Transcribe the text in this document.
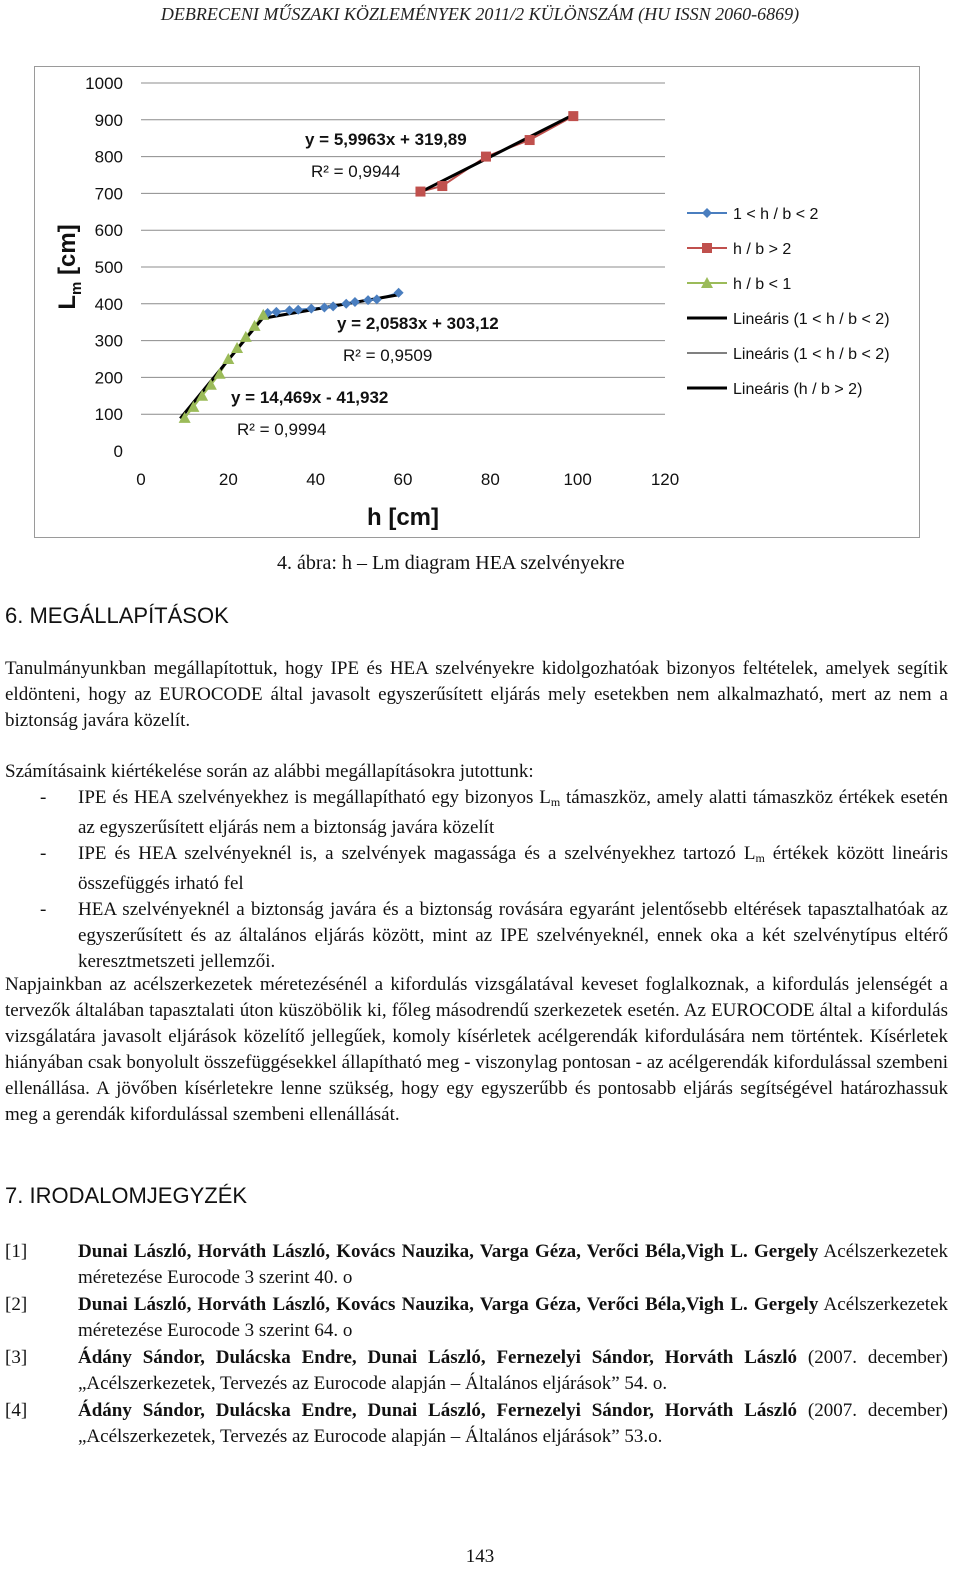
DEBRECENI MŰSZAKI KÖZLEMÉNYEK 2011/2 KÜLÖNSZÁM (HU ISSN 2060-6869)
0
100
200
300
400
500
600
700
800
900
1000
0	20	40	60	80	100	120
h [cm]
$L_m$ [cm]
y = 5,9963x + 319,89
R² = 0,9944
y = 2,0583x + 303,12
R² = 0,9509
y = 14,469x - 41,932
R² = 0,9994
1 < h / b < 2
h / b > 2
h / b < 1
Lineáris (1 < h / b < 2)
Lineáris (1 < h / b < 2)
Lineáris (h / b > 2)
4. ábra: h – Lm diagram HEA szelvényekre
6. MEGÁLLAPÍTÁSOK
Tanulmányunkban megállapítottuk, hogy IPE és HEA szelvényekre kidolgozhatóak bizonyos feltételek, amelyek segítik eldönteni, hogy az EUROCODE által javasolt egyszerűsített eljárás mely esetekben nem alkalmazható, mert az nem a biztonság javára közelít.
Számításaink kiértékelése során az alábbi megállapításokra jutottunk:
-	IPE és HEA szelvényekhez is megállapítható egy bizonyos $L_m$ támaszköz, amely alatti támaszköz értékek esetén az egyszerűsített eljárás nem a biztonság javára közelít
-	IPE és HEA szelvényeknél is, a szelvények magassága és a szelvényekhez tartozó $L_m$ értékek között lineáris összefüggés irható fel
-	HEA szelvényeknél a biztonság javára és a biztonság rovására egyaránt jelentősebb eltérések tapasztalhatóak az egyszerűsített és az általános eljárás között, mint az IPE szelvényeknél, ennek oka a két szelvénytípus eltérő keresztmetszeti jellemzői.
Napjainkban az acélszerkezetek méretezésénél a kifordulás vizsgálatával keveset foglalkoznak, a kifordulás jelenségét a tervezők általában tapasztalati úton küszöbölik ki, főleg másodrendű szerkezetek esetén. Az EUROCODE által a kifordulás vizsgálatára javasolt eljárások közelítő jellegűek, komoly kísérletek acélgerendák kifordulására nem történtek. Kísérletek hiányában csak bonyolult összefüggésekkel állapítható meg - viszonylag pontosan - az acélgerendák kifordulással szembeni ellenállása. A jövőben kísérletekre lenne szükség, hogy egy egyszerűbb és pontosabb eljárás segítségével határozhassuk meg a gerendák kifordulással szembeni ellenállását.
7. IRODALOMJEGYZÉK
[1]	Dunai László, Horváth László, Kovács Nauzika, Varga Géza, Verőci Béla,Vigh L. Gergely Acélszerkezetek méretezése Eurocode 3 szerint 40. o
[2]	Dunai László, Horváth László, Kovács Nauzika, Varga Géza, Verőci Béla,Vigh L. Gergely Acélszerkezetek méretezése Eurocode 3 szerint 64. o
[3]	Ádány Sándor, Dulácska Endre, Dunai László, Fernezelyi Sándor, Horváth László (2007. december) „Acélszerkezetek, Tervezés az Eurocode alapján – Általános eljárások” 54. o.
[4]	Ádány Sándor, Dulácska Endre, Dunai László, Fernezelyi Sándor, Horváth László (2007. december) „Acélszerkezetek, Tervezés az Eurocode alapján – Általános eljárások” 53.o.
143
